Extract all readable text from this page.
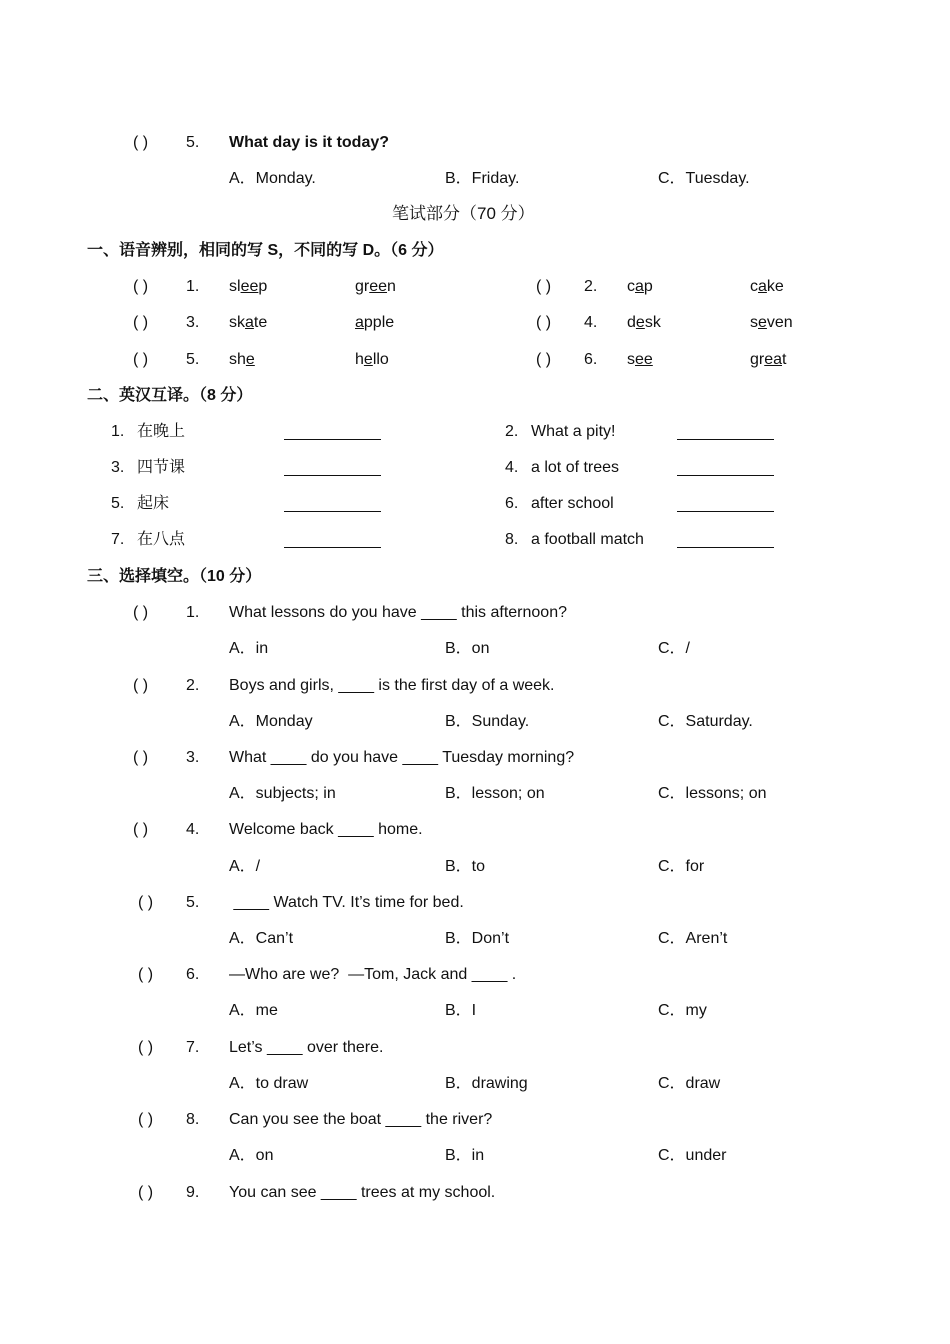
( ) 5. What day is it today?
A．Monday.	B．Friday.	C．Tuesday.
笔试部分（70 分）
一、语音辨别，相同的写 S，不同的写 D。（6 分）
( ) 1. sleep	green	( ) 2. cap	cake
( ) 3. skate	apple	( ) 4. desk	seven
( ) 5. she	hello	( ) 6. see	great
二、英汉互译。（8 分）
1. 在晚上	2. What a pity!
3. 四节课	4. a lot of trees
5. 起床	6. after school
7. 在八点	8. a football match
三、选择填空。（10 分）
( ) 1. What lessons do you have ____ this afternoon?
A．in	B．on	C．/
( ) 2. Boys and girls, ____ is the first day of a week.
A．Monday	B．Sunday.	C．Saturday.
( ) 3. What ____ do you have ____ Tuesday morning?
A．subjects; in	B．lesson; on	C．lessons; on
( ) 4. Welcome back ____ home.
A．/	B．to	C．for
( ) 5. ____ Watch TV. It’s time for bed.
A．Can’t	B．Don’t	C．Aren’t
( ) 6. —Who are we?  —Tom, Jack and ____ .
A．me	B．I	C．my
( ) 7. Let’s ____ over there.
A．to draw	B．drawing	C．draw
( ) 8. Can you see the boat ____ the river?
A．on	B．in	C．under
( ) 9. You can see ____ trees at my school.
